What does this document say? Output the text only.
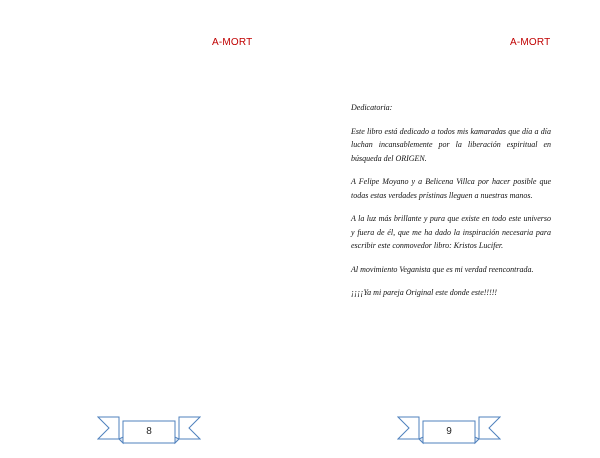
A-MORT
8
A-MORT

Dedicatoria:

Este libro está dedicado a todos mis kamaradas que día a día luchan incansablemente por la liberación espiritual en búsqueda del ORIGEN.

A Felipe Moyano y a Belicena Villca por hacer posible que todas estas verdades prístinas lleguen a nuestras manos.

A la luz más brillante y pura que existe en todo este universo y fuera de él, que me ha dado la inspiración necesaria para escribir este conmovedor libro: Kristos Lucifer.

Al movimiento Veganista que es mi verdad reencontrada.

¡¡¡¡Ya mi pareja Original este donde este!!!!!

9
